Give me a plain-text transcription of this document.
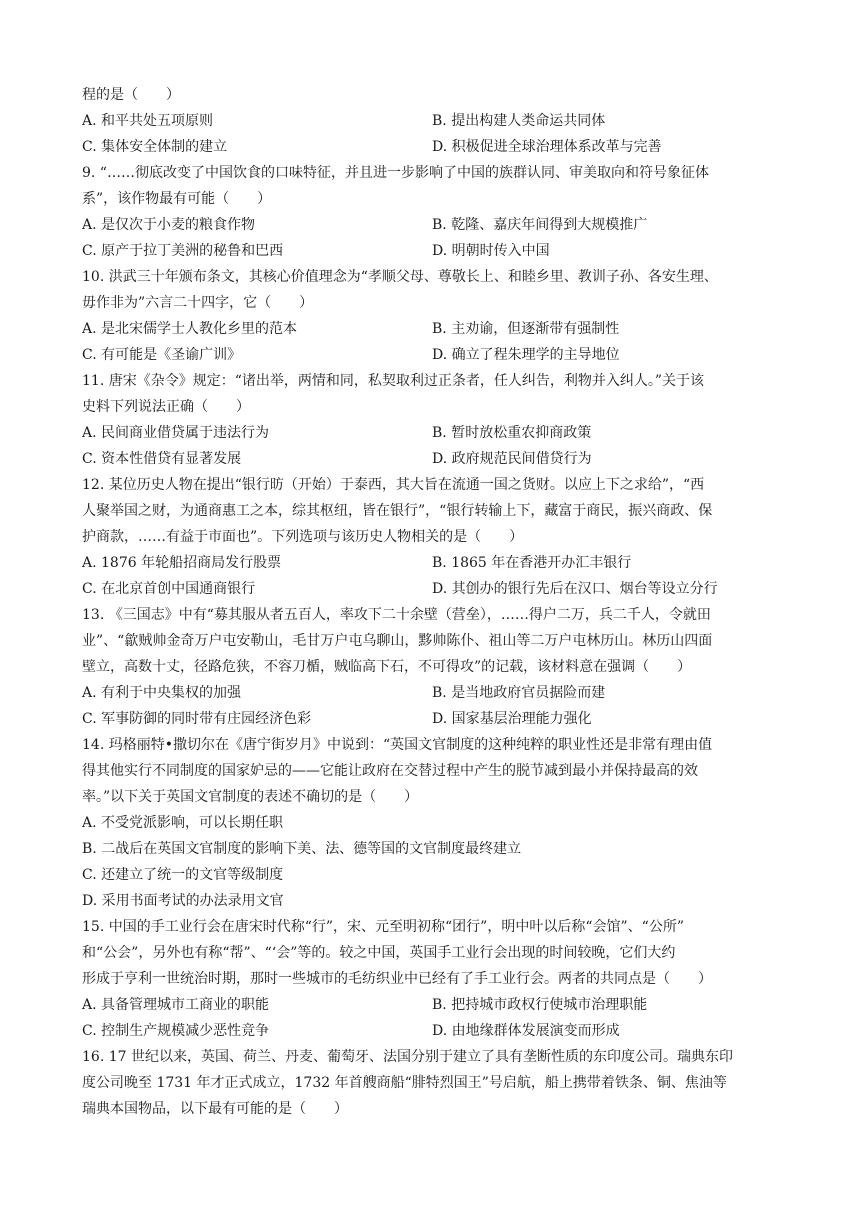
程的是（　　）
A. 和平共处五项原则	B. 提出构建人类命运共同体
C. 集体安全体制的建立	D. 积极促进全球治理体系改革与完善
9. “……彻底改变了中国饮食的口味特征，并且进一步影响了中国的族群认同、审美取向和符号象征体
系”，该作物最有可能（　　）
A. 是仅次于小麦的粮食作物	B. 乾隆、嘉庆年间得到大规模推广
C. 原产于拉丁美洲的秘鲁和巴西	D. 明朝时传入中国
10. 洪武三十年颁布条文，其核心价值理念为“孝顺父母、尊敬长上、和睦乡里、教训子孙、各安生理、
毋作非为”六言二十四字，它（　　）
A. 是北宋儒学士人教化乡里的范本	B. 主劝谕，但逐渐带有强制性
C. 有可能是《圣谕广训》	D. 确立了程朱理学的主导地位
11. 唐宋《杂令》规定：“诸出举，两情和同，私契取利过正条者，任人纠告，利物并入纠人。”关于该
史料下列说法正确（　　）
A. 民间商业借贷属于违法行为	B. 暂时放松重农抑商政策
C. 资本性借贷有显著发展	D. 政府规范民间借贷行为
12. 某位历史人物在提出“银行昉（开始）于泰西，其大旨在流通一国之货财。以应上下之求给”，“西
人聚举国之财，为通商惠工之本，综其枢纽，皆在银行”，“银行转输上下，藏富于商民，振兴商政、保
护商款，……有益于市面也”。下列选项与该历史人物相关的是（　　）
A. 1876 年轮船招商局发行股票	B. 1865 年在香港开办汇丰银行
C. 在北京首创中国通商银行	D. 其创办的银行先后在汉口、烟台等设立分行
13. 《三国志》中有“募其服从者五百人，率攻下二十余壁（营垒），……得户二万，兵二千人，令就田
业”、“歙贼帅金奇万户屯安勒山，毛甘万户屯乌聊山，黟帅陈仆、祖山等二万户屯林历山。林历山四面
壁立，高数十丈，径路危狭，不容刀楯，贼临高下石，不可得攻”的记载，该材料意在强调（　　）
A. 有利于中央集权的加强	B. 是当地政府官员据险而建
C. 军事防御的同时带有庄园经济色彩	D. 国家基层治理能力强化
14. 玛格丽特•撒切尔在《唐宁街岁月》中说到：“英国文官制度的这种纯粹的职业性还是非常有理由值
得其他实行不同制度的国家妒忌的——它能让政府在交替过程中产生的脱节减到最小并保持最高的效
率。”以下关于英国文官制度的表述不确切的是（　　）
A. 不受党派影响，可以长期任职
B. 二战后在英国文官制度的影响下美、法、德等国的文官制度最终建立
C. 还建立了统一的文官等级制度
D. 采用书面考试的办法录用文官
15. 中国的手工业行会在唐宋时代称“行”，宋、元至明初称“团行”，明中叶以后称“会馆”、“公所”
和“公会”，另外也有称“帮”、“‘会”等的。较之中国，英国手工业行会出现的时间较晚，它们大约
形成于亨利一世统治时期，那时一些城市的毛纺织业中已经有了手工业行会。两者的共同点是（　　）
A. 具备管理城市工商业的职能	B. 把持城市政权行使城市治理职能
C. 控制生产规模减少恶性竞争	D. 由地缘群体发展演变而形成
16. 17 世纪以来，英国、荷兰、丹麦、葡萄牙、法国分别于建立了具有垄断性质的东印度公司。瑞典东印
度公司晚至 1731 年才正式成立，1732 年首艘商船“腓特烈国王”号启航，船上携带着铁条、铜、焦油等
瑞典本国物品，以下最有可能的是（　　）
